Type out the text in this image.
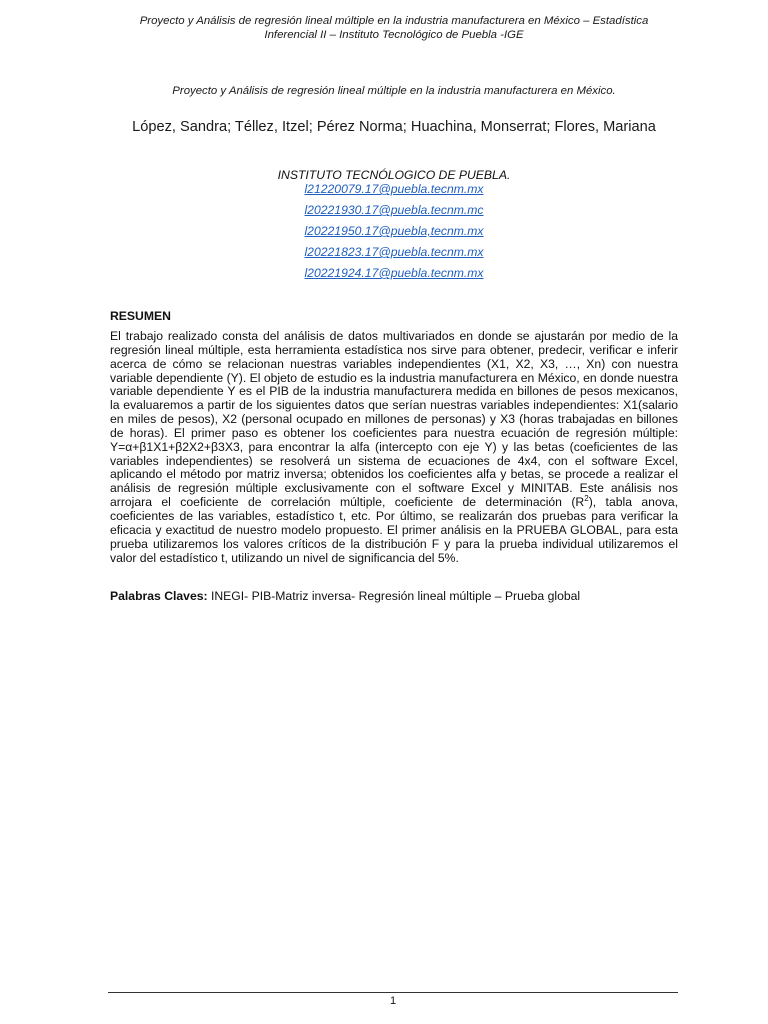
Proyecto y Análisis de regresión lineal múltiple en la industria manufacturera en México – Estadística
Inferencial II – Instituto Tecnológico de Puebla -IGE
Proyecto y Análisis de regresión lineal múltiple en la industria manufacturera en México.
López, Sandra; Téllez, Itzel; Pérez Norma; Huachina, Monserrat; Flores, Mariana
INSTITUTO TECNÓLOGICO DE PUEBLA.
l21220079.17@puebla.tecnm.mx
l20221930.17@puebla.tecnm.mc
l20221950.17@puebla,tecnm.mx
l20221823.17@puebla.tecnm.mx
l20221924.17@puebla.tecnm.mx
RESUMEN

El trabajo realizado consta del análisis de datos multivariados en donde se ajustarán por medio de la regresión lineal múltiple, esta herramienta estadística nos sirve para obtener, predecir, verificar e inferir acerca de cómo se relacionan nuestras variables independientes (X1, X2, X3, …, Xn) con nuestra variable dependiente (Y). El objeto de estudio es la industria manufacturera en México, en donde nuestra variable dependiente Y es el PIB de la industria manufacturera medida en billones de pesos mexicanos, la evaluaremos a partir de los siguientes datos que serían nuestras variables independientes: X1(salario en miles de pesos), X2 (personal ocupado en millones de personas) y X3 (horas trabajadas en billones de horas). El primer paso es obtener los coeficientes para nuestra ecuación de regresión múltiple: Y=α+β1X1+β2X2+β3X3, para encontrar la alfa (intercepto con eje Y) y las betas (coeficientes de las variables independientes) se resolverá un sistema de ecuaciones de 4x4, con el software Excel, aplicando el método por matriz inversa; obtenidos los coeficientes alfa y betas, se procede a realizar el análisis de regresión múltiple exclusivamente con el software Excel y MINITAB. Este análisis nos arrojara el coeficiente de correlación múltiple, coeficiente de determinación $(R^2)$, tabla anova, coeficientes de las variables, estadístico t, etc. Por último, se realizarán dos pruebas para verificar la eficacia y exactitud de nuestro modelo propuesto. El primer análisis en la PRUEBA GLOBAL, para esta prueba utilizaremos los valores críticos de la distribución F y para la prueba individual utilizaremos el valor del estadístico t, utilizando un nivel de significancia del 5%.

Palabras Claves: INEGI- PIB-Matriz inversa- Regresión lineal múltiple – Prueba global
1
